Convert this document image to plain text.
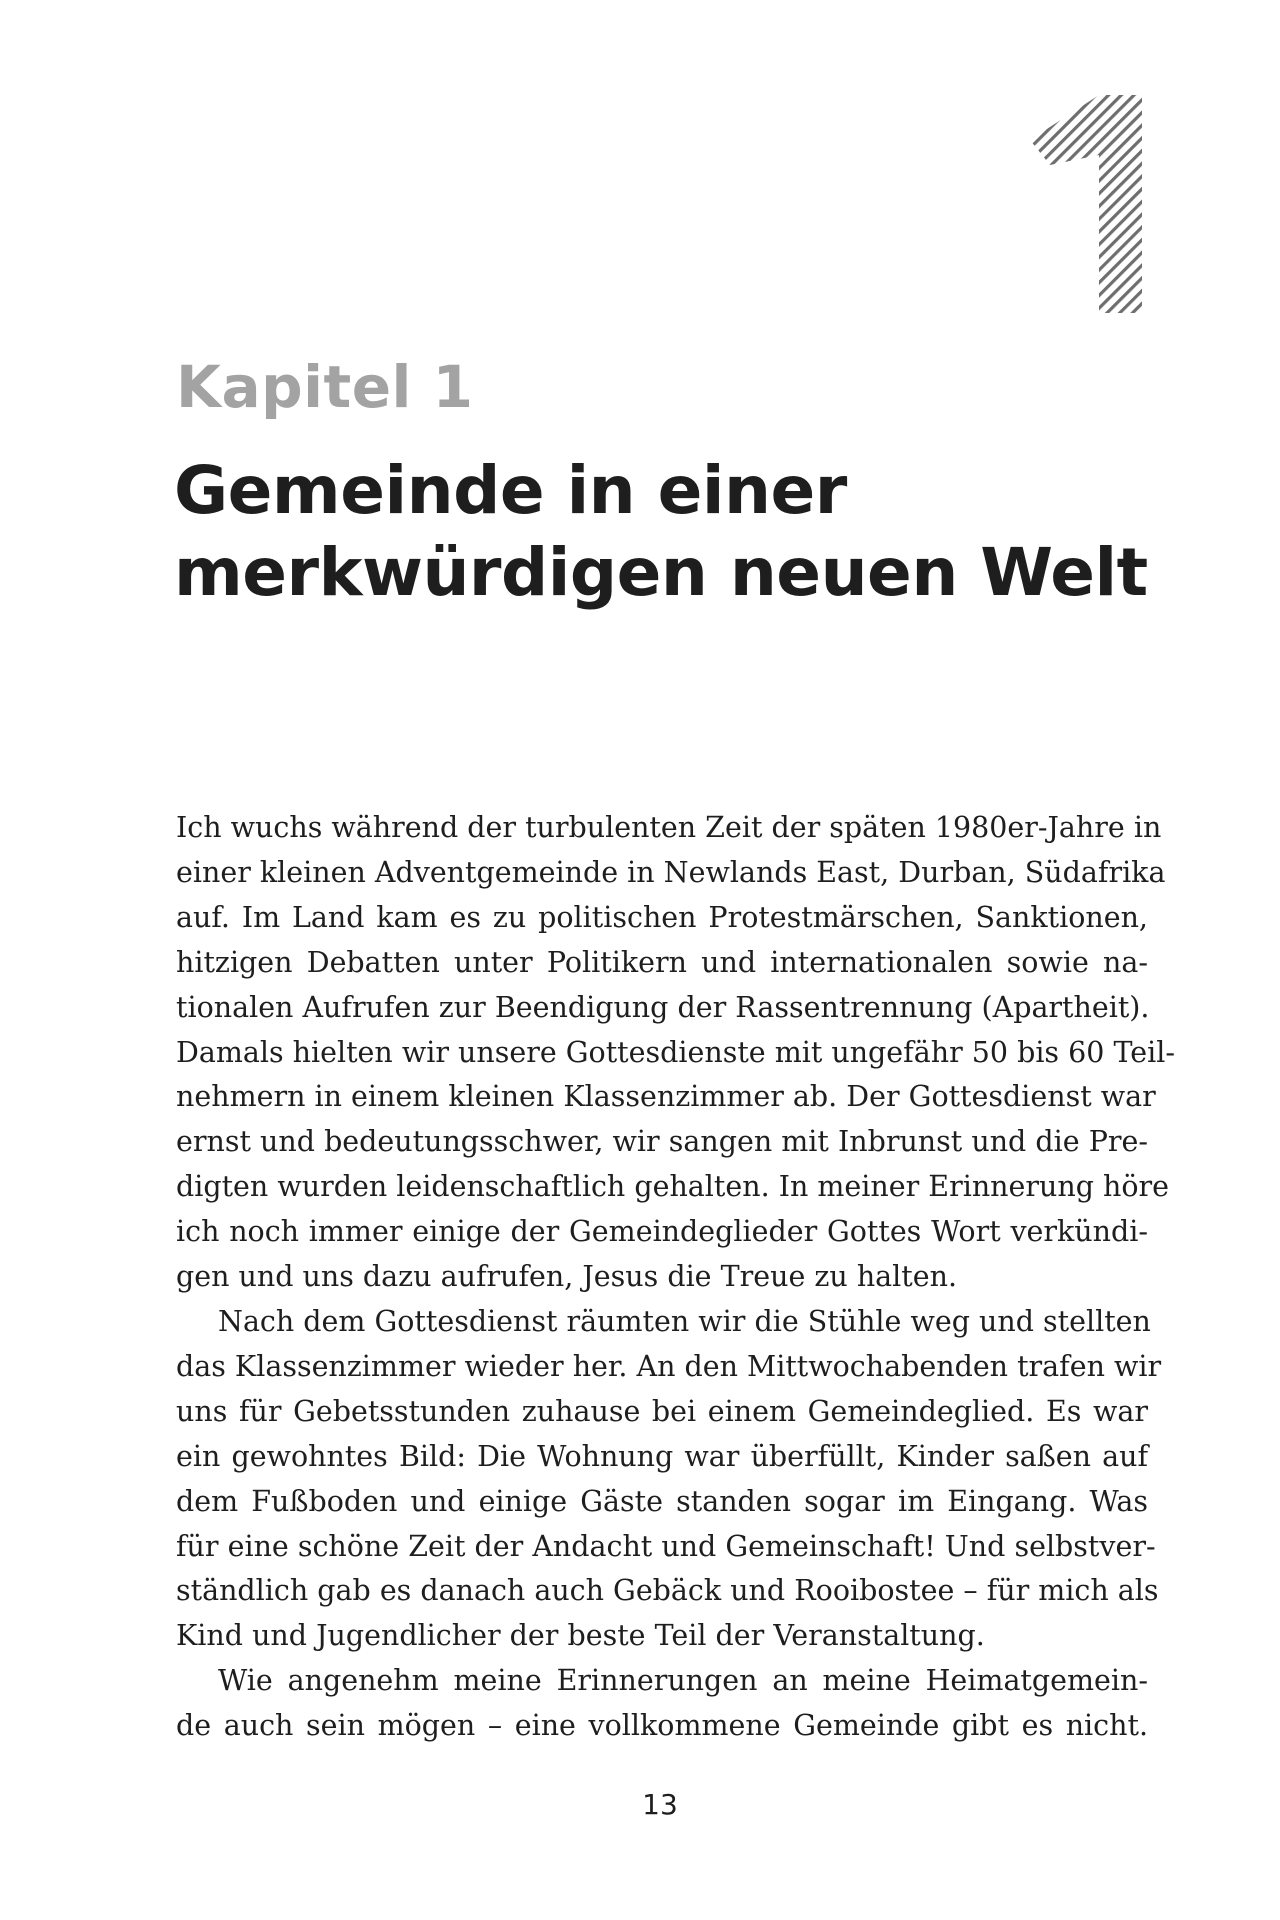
Kapitel 1
Gemeinde in einer
merkwürdigen neuen Welt

Ich wuchs während der turbulenten Zeit der späten 1980er-Jahre in
einer kleinen Adventgemeinde in Newlands East, Durban, Südafrika
auf. Im Land kam es zu politischen Protestmärschen, Sanktionen,
hitzigen Debatten unter Politikern und internationalen sowie na-
tionalen Aufrufen zur Beendigung der Rassentrennung (Apartheit).
Damals hielten wir unsere Gottesdienste mit ungefähr 50 bis 60 Teil-
nehmern in einem kleinen Klassenzimmer ab. Der Gottesdienst war
ernst und bedeutungsschwer, wir sangen mit Inbrunst und die Pre-
digten wurden leidenschaftlich gehalten. In meiner Erinnerung höre
ich noch immer einige der Gemeindeglieder Gottes Wort verkündi-
gen und uns dazu aufrufen, Jesus die Treue zu halten.

Nach dem Gottesdienst räumten wir die Stühle weg und stellten
das Klassenzimmer wieder her. An den Mittwochabenden trafen wir
uns für Gebetsstunden zuhause bei einem Gemeindeglied. Es war
ein gewohntes Bild: Die Wohnung war überfüllt, Kinder saßen auf
dem Fußboden und einige Gäste standen sogar im Eingang. Was
für eine schöne Zeit der Andacht und Gemeinschaft! Und selbstver-
ständlich gab es danach auch Gebäck und Rooibostee – für mich als
Kind und Jugendlicher der beste Teil der Veranstaltung.

Wie angenehm meine Erinnerungen an meine Heimatgemein-
de auch sein mögen – eine vollkommene Gemeinde gibt es nicht.

13
